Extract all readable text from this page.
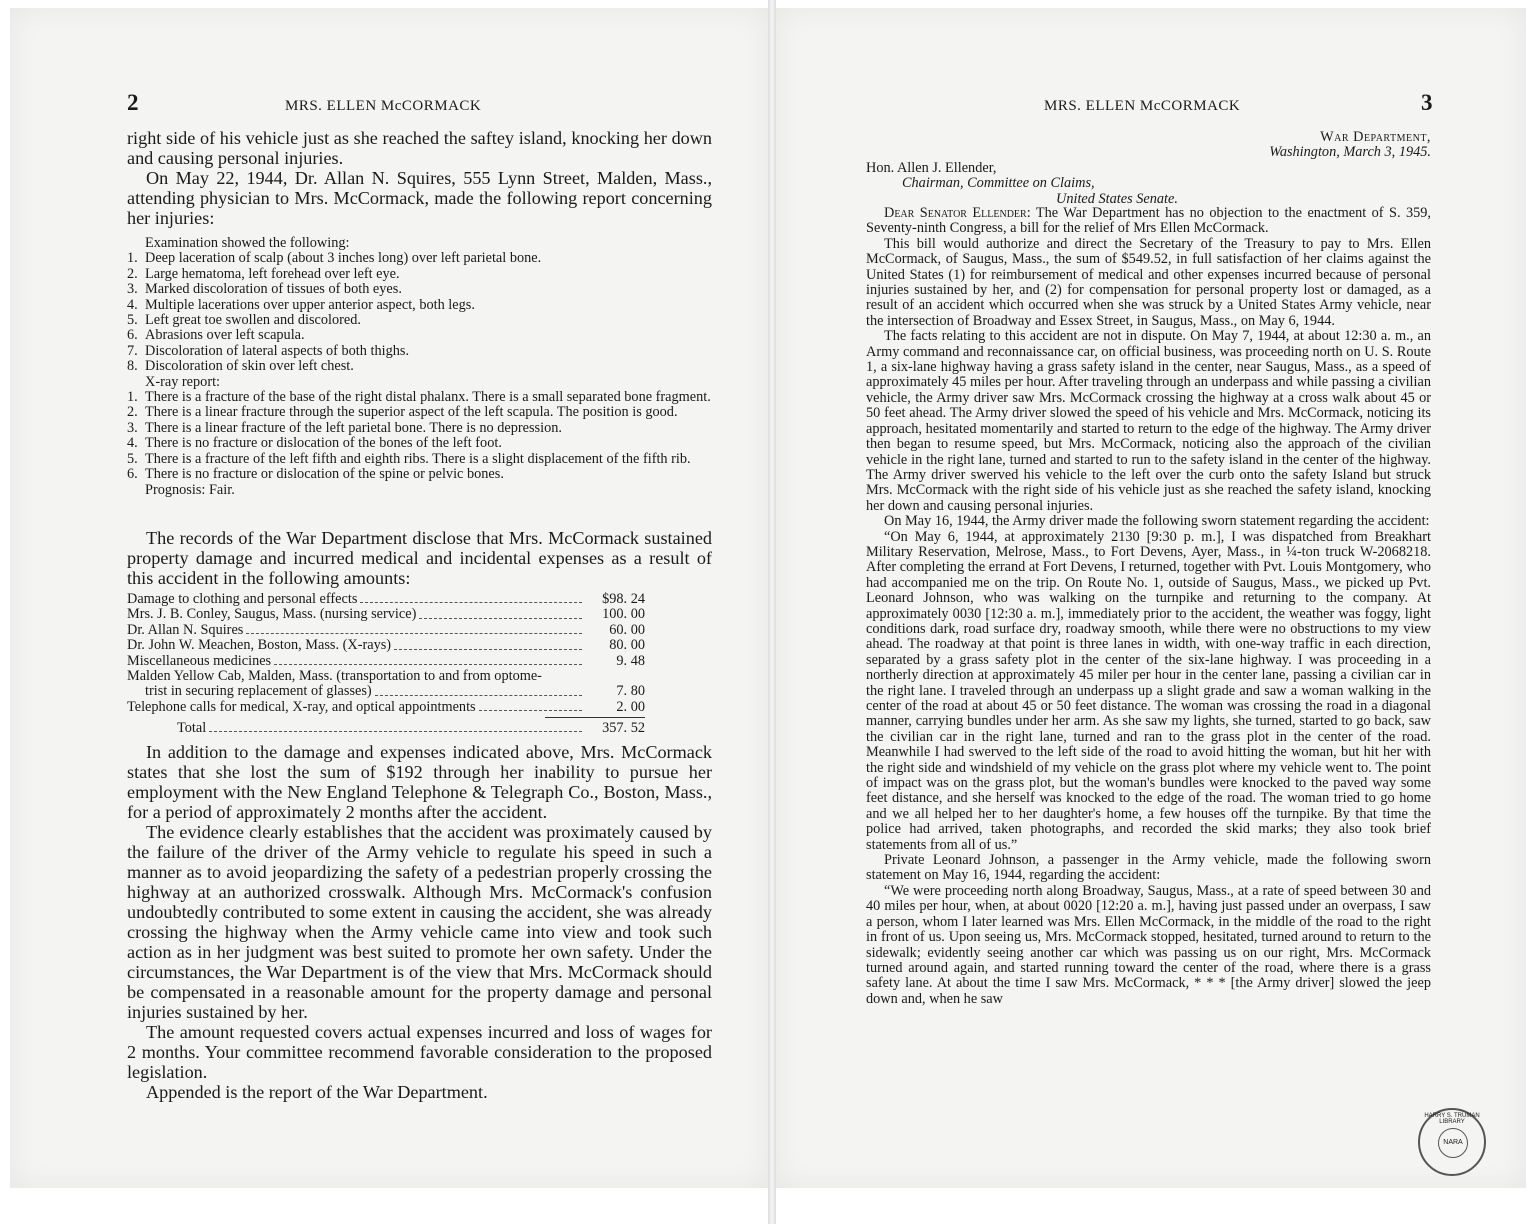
2	MRS. ELLEN McCORMACK

right side of his vehicle just as she reached the saftey island, knocking her down and causing personal injuries.

On May 22, 1944, Dr. Allan N. Squires, 555 Lynn Street, Malden, Mass., attending physician to Mrs. McCormack, made the following report concerning her injuries:

Examination showed the following:

1. Deep laceration of scalp (about 3 inches long) over left parietal bone.
2. Large hematoma, left forehead over left eye.
3. Marked discoloration of tissues of both eyes.
4. Multiple lacerations over upper anterior aspect, both legs.
5. Left great toe swollen and discolored.
6. Abrasions over left scapula.
7. Discoloration of lateral aspects of both thighs.
8. Discoloration of skin over left chest.

X-ray report:

1. There is a fracture of the base of the right distal phalanx. There is a small separated bone fragment.
2. There is a linear fracture through the superior aspect of the left scapula. The position is good.
3. There is a linear fracture of the left parietal bone. There is no depression.
4. There is no fracture or dislocation of the bones of the left foot.
5. There is a fracture of the left fifth and eighth ribs. There is a slight displacement of the fifth rib.
6. There is no fracture or dislocation of the spine or pelvic bones.

Prognosis: Fair.

The records of the War Department disclose that Mrs. McCormack sustained property damage and incurred medical and incidental expenses as a result of this accident in the following amounts:

Damage to clothing and personal effects	$98. 24
Mrs. J. B. Conley, Saugus, Mass. (nursing service)	100. 00
Dr. Allan N. Squires	60. 00
Dr. John W. Meachen, Boston, Mass. (X-rays)	80. 00
Miscellaneous medicines	9. 48
Malden Yellow Cab, Malden, Mass. (transportation to and from optome-
trist in securing replacement of glasses)	7. 80
Telephone calls for medical, X-ray, and optical appointments	2. 00
Total	357. 52

In addition to the damage and expenses indicated above, Mrs. McCormack states that she lost the sum of $192 through her inability to pursue her employment with the New England Telephone & Telegraph Co., Boston, Mass., for a period of approximately 2 months after the accident.

The evidence clearly establishes that the accident was proximately caused by the failure of the driver of the Army vehicle to regulate his speed in such a manner as to avoid jeopardizing the safety of a pedestrian properly crossing the highway at an authorized crosswalk. Although Mrs. McCormack's confusion undoubtedly contributed to some extent in causing the accident, she was already crossing the highway when the Army vehicle came into view and took such action as in her judgment was best suited to promote her own safety. Under the circumstances, the War Department is of the view that Mrs. McCormack should be compensated in a reasonable amount for the property damage and personal injuries sustained by her.

The amount requested covers actual expenses incurred and loss of wages for 2 months. Your committee recommend favorable consideration to the proposed legislation.

Appended is the report of the War Department.

MRS. ELLEN McCORMACK	3
War Department,
Washington, March 3, 1945.
Hon. Allen J. Ellender,
Chairman, Committee on Claims,
United States Senate.

Dear Senator Ellender: The War Department has no objection to the enactment of S. 359, Seventy-ninth Congress, a bill for the relief of Mrs Ellen McCormack.

This bill would authorize and direct the Secretary of the Treasury to pay to Mrs. Ellen McCormack, of Saugus, Mass., the sum of $549.52, in full satisfaction of her claims against the United States (1) for reimbursement of medical and other expenses incurred because of personal injuries sustained by her, and (2) for compensation for personal property lost or damaged, as a result of an accident which occurred when she was struck by a United States Army vehicle, near the intersection of Broadway and Essex Street, in Saugus, Mass., on May 6, 1944.

The facts relating to this accident are not in dispute. On May 7, 1944, at about 12:30 a. m., an Army command and reconnaissance car, on official business, was proceeding north on U. S. Route 1, a six-lane highway having a grass safety island in the center, near Saugus, Mass., as a speed of approximately 45 miles per hour. After traveling through an underpass and while passing a civilian vehicle, the Army driver saw Mrs. McCormack crossing the highway at a cross walk about 45 or 50 feet ahead. The Army driver slowed the speed of his vehicle and Mrs. McCormack, noticing its approach, hesitated momentarily and started to return to the edge of the highway. The Army driver then began to resume speed, but Mrs. McCormack, noticing also the approach of the civilian vehicle in the right lane, turned and started to run to the safety island in the center of the highway. The Army driver swerved his vehicle to the left over the curb onto the safety Island but struck Mrs. McCormack with the right side of his vehicle just as she reached the safety island, knocking her down and causing personal injuries.

On May 16, 1944, the Army driver made the following sworn statement regarding the accident:

“On May 6, 1944, at approximately 2130 [9:30 p. m.], I was dispatched from Breakhart Military Reservation, Melrose, Mass., to Fort Devens, Ayer, Mass., in ¼-ton truck W-2068218. After completing the errand at Fort Devens, I returned, together with Pvt. Louis Montgomery, who had accompanied me on the trip. On Route No. 1, outside of Saugus, Mass., we picked up Pvt. Leonard Johnson, who was walking on the turnpike and returning to the company. At approximately 0030 [12:30 a. m.], immediately prior to the accident, the weather was foggy, light conditions dark, road surface dry, roadway smooth, while there were no obstructions to my view ahead. The roadway at that point is three lanes in width, with one-way traffic in each direction, separated by a grass safety plot in the center of the six-lane highway. I was proceeding in a northerly direction at approximately 45 miler per hour in the center lane, passing a civilian car in the right lane. I traveled through an underpass up a slight grade and saw a woman walking in the center of the road at about 45 or 50 feet distance. The woman was crossing the road in a diagonal manner, carrying bundles under her arm. As she saw my lights, she turned, started to go back, saw the civilian car in the right lane, turned and ran to the grass plot in the center of the road. Meanwhile I had swerved to the left side of the road to avoid hitting the woman, but hit her with the right side and windshield of my vehicle on the grass plot where my vehicle went to. The point of impact was on the grass plot, but the woman's bundles were knocked to the paved way some feet distance, and she herself was knocked to the edge of the road. The woman tried to go home and we all helped her to her daughter's home, a few houses off the turnpike. By that time the police had arrived, taken photographs, and recorded the skid marks; they also took brief statements from all of us.”

Private Leonard Johnson, a passenger in the Army vehicle, made the following sworn statement on May 16, 1944, regarding the accident:

“We were proceeding north along Broadway, Saugus, Mass., at a rate of speed between 30 and 40 miles per hour, when, at about 0020 [12:20 a. m.], having just passed under an overpass, I saw a person, whom I later learned was Mrs. Ellen McCormack, in the middle of the road to the right in front of us. Upon seeing us, Mrs. McCormack stopped, hesitated, turned around to return to the sidewalk; evidently seeing another car which was passing us on our right, Mrs. McCormack turned around again, and started running toward the center of the road, where there is a grass safety lane. At about the time I saw Mrs. McCormack, * * * [the Army driver] slowed the jeep down and, when he saw

HARRY S. TRUMAN LIBRARY
NARA
